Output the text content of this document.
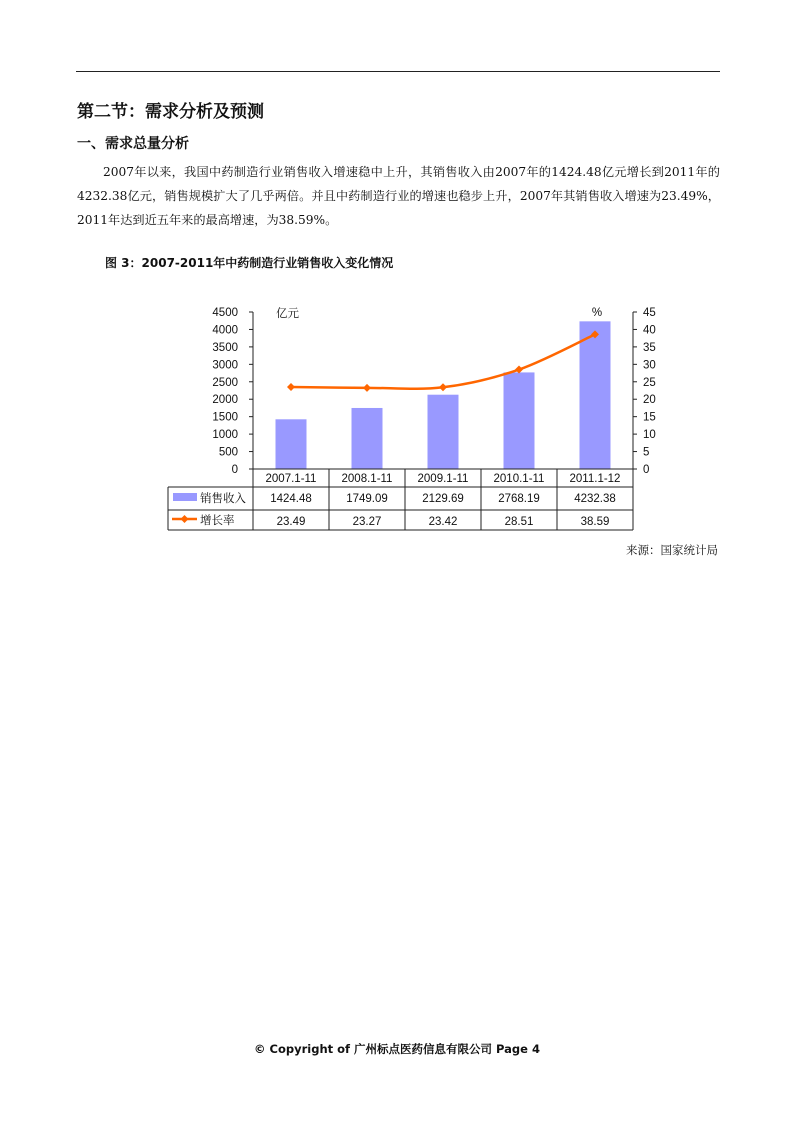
第二节：需求分析及预测
一、需求总量分析

2007年以来，我国中药制造行业销售收入增速稳中上升，其销售收入由2007年的1424.48亿元增长到2011年的4232.38亿元，销售规模扩大了几乎两倍。并且中药制造行业的增速也稳步上升，2007年其销售收入增速为23.49%，2011年达到近五年来的最高增速，为38.59%。

图 3：2007-2011年中药制造行业销售收入变化情况
4500
4000
3500
3000
2500
2000
1500
1000
500
0
45
40
35
30
25
20
15
10
5
0
亿元	%
2007.1-11 2008.1-11 2009.1-11 2010.1-11 2011.1-12
销售收入
增长率
1424.48	1749.09	2129.69	2768.19	4232.38
23.49	23.27	23.42	28.51	38.59
来源：国家统计局
© Copyright of 广州标点医药信息有限公司 Page 4
